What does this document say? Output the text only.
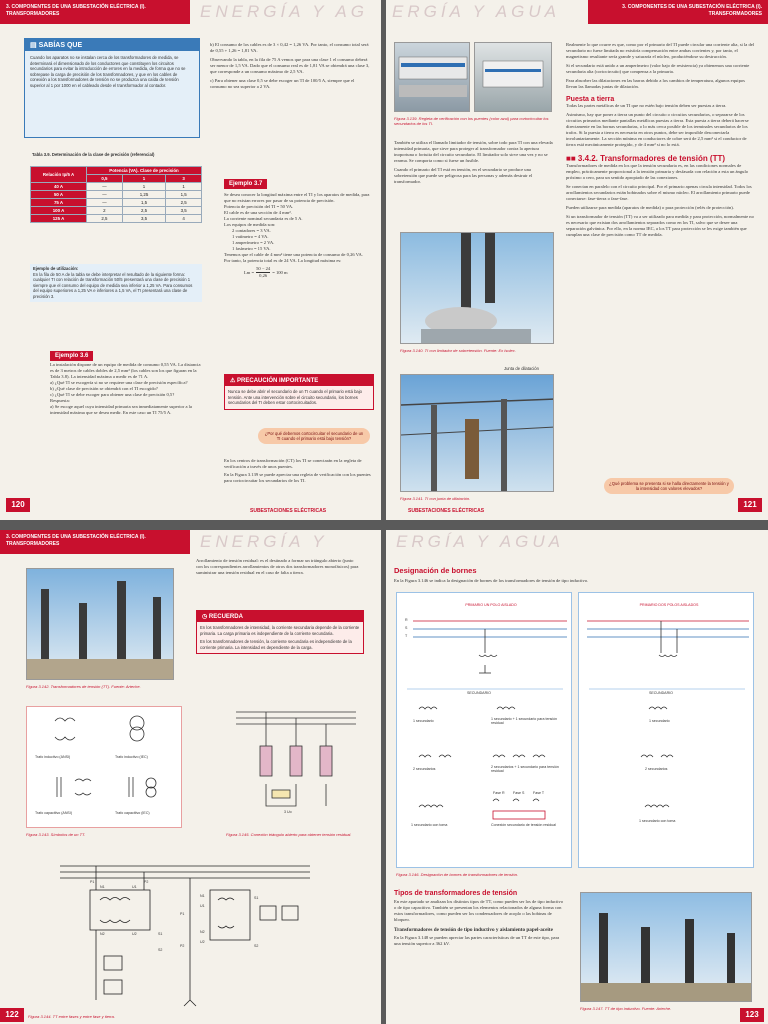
3. COMPONENTES DE UNA SUBESTACIÓN ELÉCTRICA (I). TRANSFORMADORES	ENERGÍA Y AG
▤ SABÍAS QUE
Cuando los aparatos no se instalan cerca de los transformadores de medida, se determinará el dimensionado de los conductores que constituyen los circuitos secundarios para evitar la introducción de errores en la medida, de forma que no se sobrepase la carga de precisión de los transformadores, y que en los cables de conexión a los transformadores de tensión no se produzca una caída de tensión superior al 1 por 1000 en el cableado desde el transformador al contador.
Tabla 3.9. Determinación de la clase de precisión (referencial)
Relación Ip/5 A	Potencia (VA). Clase de precisión		
	0,5	1	3
40 A	—	1	1
50 A	—	1,25	1,5
75 A	—	1,5	2,5
100 A	2	2,5	3,5
125 A	2,5	3,5	4
Ejemplo de utilización:
En la fila de 50 A de la tabla se debe interpretar el resultado de la siguiente forma: cualquier TI con relación de transformación 50/5 presentará una clase de precisión 1 siempre que el consumo del equipo de medida sea inferior a 1,25 VA. Para consumos del equipo superiores a 1,25 VA e inferiores a 1,5 VA, el TI presentará una clase de precisión 3.
Ejemplo 3.6
La instalación dispone de un equipo de medida de consumo 0,55 VA. La distancia es de 3 metros de cables dobles de 2,5 mm² (los cables son los que figuran en la Tabla 3.8). La intensidad máxima a medir es de 71 A.
a) ¿Qué TI se escogería si no se requiere una clase de precisión específica?
b) ¿Qué clase de precisión se obtendrá con el TI escogido?
c) ¿Qué TI se debe escoger para obtener una clase de precisión 0,5?
Respuesta:
a) Se escoge aquel cuya intensidad primaria sea inmediatamente superior a la intensidad máxima que se desea medir. En este caso un TI 75/5 A.
b) El consumo de los cables es de 3 × 0,42 = 1,26 VA. Por tanto, el consumo total será de 0,55 + 1,26 = 1,81 VA.
Observando la tabla, en la fila de 75 A vemos que para una clase 1 el consumo deberá ser menor de 1,5 VA. Dado que el consumo real es de 1,81 VA se obtendrá una clase 3, que corresponde a un consumo máximo de 2,5 VA.
c) Para obtener una clase 0,5 se debe escoger un TI de 100/5 A, siempre que el consumo no sea superior a 2 VA.
Ejemplo 3.7
Se desea conocer la longitud máxima entre el TI y los aparatos de medida, para que no existan errores por pasar de su potencia de precisión.
Potencia de precisión del TI = 50 VA.
El cable es de una sección de 4 mm².
La corriente nominal secundaria es de 5 A.
Los equipos de medida son:
2 contadores = 3 VA.
1 vatímetro = 4 VA.
1 amperímetro = 2 VA.
1 fasímetro = 15 VA.
Tenemos que el cable de 4 mm² tiene una potencia de consumo de 0,26 VA. Por tanto, la potencia total es de 24 VA. La longitud máxima es:
$Lm = \frac{50 - 24}{0,26} = 100$ m
⚠ PRECAUCIÓN IMPORTANTE
Nunca se debe abrir el secundario de un TI cuando el primario está bajo tensión. Ante una intervención sobre el circuito secundario, los bornes secundarios del TI deben estar cortocircuitados.
¿Por qué debemos cortocircuitar el secundario de un TI cuando el primario está bajo tensión?
En los centros de transformación (CT) los TI se conectarán en la regleta de verificación a través de unos puentes.
En la Figura 3.139 se puede apreciar una regleta de verificación con los puentes para cortocircuitar los secundarios de los TI.
120
SUBESTACIONES ELÉCTRICAS
ERGÍA Y AGUA	3. COMPONENTES DE UNA SUBESTACIÓN ELÉCTRICA (I). TRANSFORMADORES
Figura 3.139. Regleta de verificación con los puentes (color azul) para cortocircuitar los secundarios de los TI.
También se utiliza el llamado limitador de tensión, sobre todo para TI con una elevada intensidad primaria, que sirve para proteger al transformador contra la apertura inoportuna o fortuita del circuito secundario. El limitador solo sirve una vez y no se rearma. Se comporta como si fuese un fusible.
Cuando el primario del TI está en tensión, en el secundario se produce una sobretensión que puede ser peligrosa para las personas y además destruir el transformador.
Figura 3.140. TI con limitador de sobretensión. Fuente: Ex Isolec.
Junta de dilatación
Figura 3.141. TI con junta de dilatación.
Realmente lo que ocurre es que, como por el primario del TI puede circular una corriente alta, si la del secundario no fuese limitada no existiría compensación entre ambas corrientes y, por tanto, el magnetismo resultante sería grande y saturaría el núcleo, produciéndose su destrucción.
Si el secundario está unido a un amperímetro (valor bajo de resistencia) ya obtenemos una corriente secundaria alta (cortocircuito) que compensa a la primaria.
Para absorber las dilataciones en las barras debido a los cambios de temperatura, algunos equipos llevan las llamadas juntas de dilatación.
Puesta a tierra
Todas las partes metálicas de un TI que no estén bajo tensión deben ser puestas a tierra.
Asimismo, hay que poner a tierra un punto del circuito o circuitos secundarios, o separarse de los circuitos primarios mediante pantallas metálicas puestas a tierra. Esta puesta a tierra deberá hacerse directamente en las bornas secundarias, o lo más cerca posible de los terminales secundarios de los trafos. Si la puesta a tierra es necesaria en otros puntos, debe ser imposible desconectarla involuntariamente. La sección mínima en conductores de cobre será de 2,5 mm² si el conductor de tierra está mecánicamente protegido, y de 4 mm² si no lo está.
■■ 3.4.2. Transformadores de tensión (TT)
Transformadores de medida en los que la tensión secundaria es, en las condiciones normales de empleo, prácticamente proporcional a la tensión primaria y desfasada con relación a esta un ángulo próximo a cero, para un sentido apropiado de las conexiones.
Se conectan en paralelo con el circuito principal. Por el primario apenas circula intensidad. Todos los arrollamientos secundarios están bobinados sobre el mismo núcleo. El arrollamiento primario puede conectarse: fase-tierra o fase-fase.
Pueden utilizarse para medida (aparatos de medida) o para protección (relés de protección).
Si un transformador de tensión (TT) va a ser utilizado para medida y para protección, normalmente no es necesario que existan dos arrollamientos separados como en los TI, salvo que se desee una separación galvánica. Por ello, en la norma IEC, a los TT para protección se les exige también que cumplan una clase de precisión como TT de medida.
¿Qué problema se presenta si se halla directamente la tensión y la intensidad con valores elevados?
SUBESTACIONES ELÉCTRICAS
121
3. COMPONENTES DE UNA SUBESTACIÓN ELÉCTRICA (I). TRANSFORMADORES	ENERGÍA Y
Figura 3.142. Transformadores de tensión (TT). Fuente: Arteche.
Arrollamiento de tensión residual: es el destinado a formar un triángulo abierto (junto con los correspondientes arrollamientos de otros dos transformadores monofásicos) para suministrar una tensión residual en el caso de falta a tierra.
◷ RECUERDA
En los transformadores de intensidad, la corriente secundaria depende de la corriente primaria. La carga primaria es independiente de la corriente secundaria.
En los transformadores de tensión, la corriente secundaria es independiente de la corriente primaria. La intensidad es dependiente de la carga.
Trafo inductivo (ANSI)	Trafo inductivo (IEC)
Trafo capacitivo (ANSI)	Trafo capacitivo (IEC)
Figura 3.143. Símbolos de un TT.
3 Uo
Figura 3.145. Conexión triángulo abierto para obtener tensión residual.
P1	P2
N1	U1
N2	U2	S1
S2
P1
P2
N1
U1
N2
U2
S1
S2
Figura 3.144. TT entre fases y entre fase y tierra.
122
ERGÍA Y AGUA
Designación de bornes
En la Figura 3.146 se indica la designación de bornes de los transformadores de tensión de tipo inductivo.
PRIMARIO UN POLO AISLADO
R
S
T
SECUNDARIO
1 secundario	1 secundario + 1 secundario para tensión residual
2 secundarios	2 secundarios + 1 secundario para tensión residual
Fase R Fase S Fase T
1 secundario con toma	Conexión secundario de tensión residual
PRIMARIO DOS POLOS AISLADOS
SECUNDARIO
1 secundario
2 secundarios
1 secundario con toma
Figura 3.146. Designación de bornes de transformadores de tensión.
Tipos de transformadores de tensión
En este apartado se analizan los distintos tipos de TT, como pueden ser los de tipo inductivo o de tipo capacitivo. También se presentan los elementos relacionados de alguna forma con estos transformadores, como pueden ser los condensadores de acoplo o las bobinas de bloqueo.
Transformadores de tensión de tipo inductivo y aislamiento papel-aceite
En la Figura 3.148 se pueden apreciar las partes características de un TT de este tipo, para una tensión superior a 362 kV.
Figura 3.147. TT de tipo inductivo. Fuente: Arteche.
123
